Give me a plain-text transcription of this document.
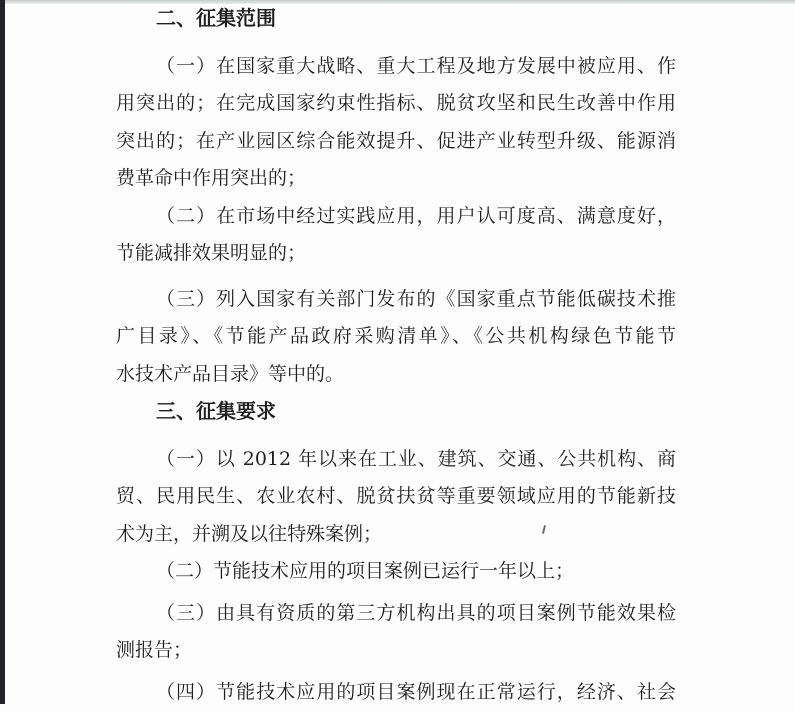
二、征集范围
（一）在国家重大战略、重大工程及地方发展中被应用、作
用突出的；在完成国家约束性指标、脱贫攻坚和民生改善中作用
突出的；在产业园区综合能效提升、促进产业转型升级、能源消
费革命中作用突出的；
（二）在市场中经过实践应用，用户认可度高、满意度好，
节能减排效果明显的；
（三）列入国家有关部门发布的《国家重点节能低碳技术推
广目录》、《节能产品政府采购清单》、《公共机构绿色节能节
水技术产品目录》等中的。
三、征集要求
（一）以 2012 年以来在工业、建筑、交通、公共机构、商
贸、民用民生、农业农村、脱贫扶贫等重要领域应用的节能新技
术为主，并溯及以往特殊案例；
（二）节能技术应用的项目案例已运行一年以上；
（三）由具有资质的第三方机构出具的项目案例节能效果检
测报告；
（四）节能技术应用的项目案例现在正常运行，经济、社会
